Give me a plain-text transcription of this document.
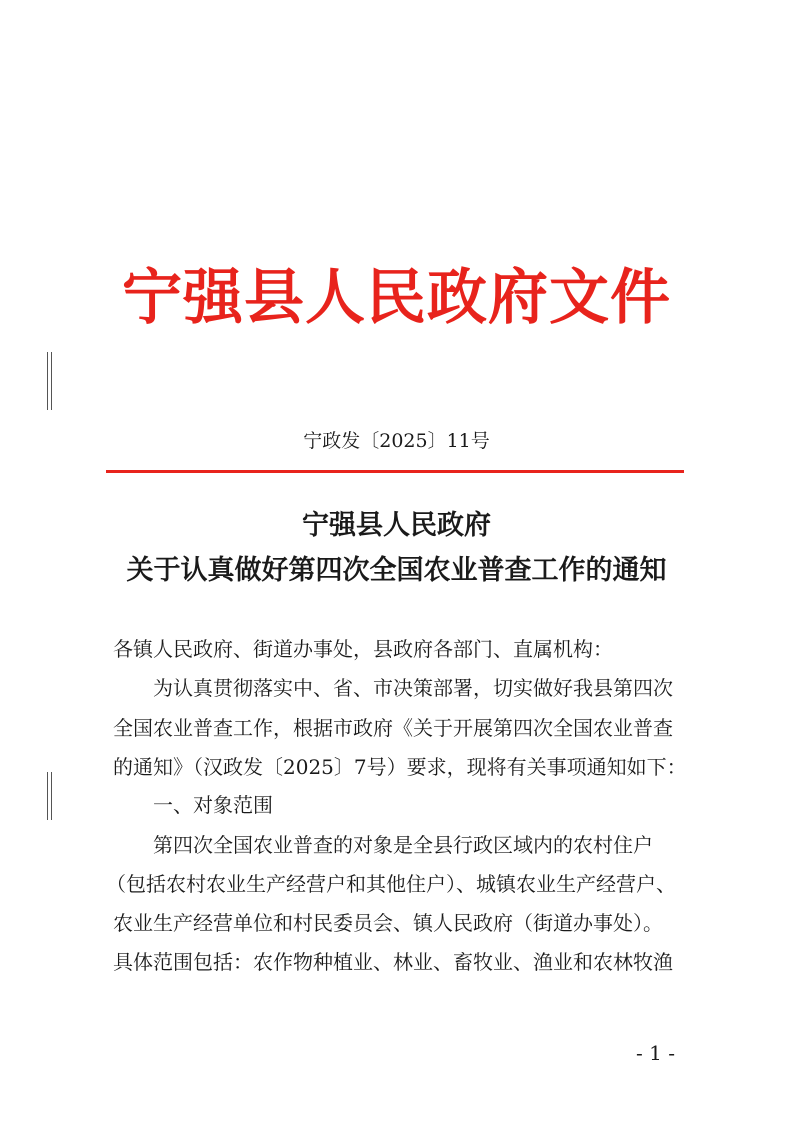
宁强县人民政府文件
宁政发〔2025〕11号
宁强县人民政府
关于认真做好第四次全国农业普查工作的通知
各镇人民政府、街道办事处，县政府各部门、直属机构：
为认真贯彻落实中、省、市决策部署，切实做好我县第四次
全国农业普查工作，根据市政府《关于开展第四次全国农业普查
的通知》（汉政发〔2025〕7号）要求，现将有关事项通知如下：
一、对象范围
第四次全国农业普查的对象是全县行政区域内的农村住户
（包括农村农业生产经营户和其他住户）、城镇农业生产经营户、
农业生产经营单位和村民委员会、镇人民政府（街道办事处）。
具体范围包括：农作物种植业、林业、畜牧业、渔业和农林牧渔
- 1 -
